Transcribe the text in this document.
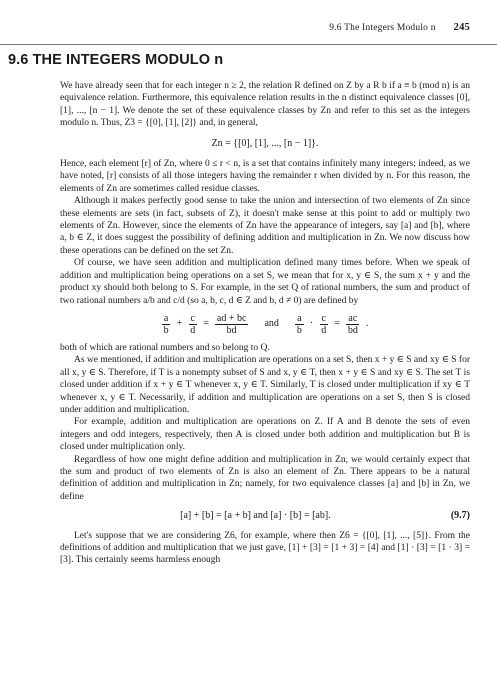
9.6 The Integers Modulo n 245
9.6 THE INTEGERS MODULO n

We have already seen that for each integer n ≥ 2, the relation R defined on Z by a R b if a ≡ b (mod n) is an equivalence relation. Furthermore, this equivalence relation results in the n distinct equivalence classes [0], [1], ..., [n − 1]. We denote the set of these equivalence classes by Zn and refer to this set as the integers modulo n. Thus, Z3 = {[0], [1], [2]} and, in general,

Zn = {[0], [1], ..., [n − 1]}.

Hence, each element [r] of Zn, where 0 ≤ r < n, is a set that contains infinitely many integers; indeed, as we have noted, [r] consists of all those integers having the remainder r when divided by n. For this reason, the elements of Zn are sometimes called residue classes.

Although it makes perfectly good sense to take the union and intersection of two elements of Zn since these elements are sets (in fact, subsets of Z), it doesn't make sense at this point to add or multiply two elements of Zn. However, since the elements of Zn have the appearance of integers, say [a] and [b], where a, b ∈ Z, it does suggest the possibility of defining addition and multiplication in Zn. We now discuss how these operations can be defined on the set Zn.

Of course, we have seen addition and multiplication defined many times before. When we speak of addition and multiplication being operations on a set S, we mean that for x, y ∈ S, the sum x + y and the product xy should both belong to S. For example, in the set Q of rational numbers, the sum and product of two rational numbers a/b and c/d (so a, b, c, d ∈ Z and b, d ≠ 0) are defined by

$\frac{a}{b} + \frac{c}{d} = \frac{ad + bc}{bd}$ and $\frac{a}{b} \cdot \frac{c}{d} = \frac{ac}{bd}$ .

both of which are rational numbers and so belong to Q.

As we mentioned, if addition and multiplication are operations on a set S, then x + y ∈ S and xy ∈ S for all x, y ∈ S. Therefore, if T is a nonempty subset of S and x, y ∈ T, then x + y ∈ S and xy ∈ S. The set T is closed under addition if x + y ∈ T whenever x, y ∈ T. Similarly, T is closed under multiplication if xy ∈ T whenever x, y ∈ T. Necessarily, if addition and multiplication are operations on a set S, then S is closed under addition and multiplication.

For example, addition and multiplication are operations on Z. If A and B denote the sets of even integers and odd integers, respectively, then A is closed under both addition and multiplication but B is closed under multiplication only.

Regardless of how one might define addition and multiplication in Zn, we would certainly expect that the sum and product of two elements of Zn is also an element of Zn. There appears to be a natural definition of addition and multiplication in Zn; namely, for two equivalence classes [a] and [b] in Zn, we define

[a] + [b] = [a + b] and [a] · [b] = [ab].	(9.7)

Let's suppose that we are considering Z6, for example, where then Z6 = {[0], [1], ..., [5]}. From the definitions of addition and multiplication that we just gave, [1] + [3] = [1 + 3] = [4] and [1] · [3] = [1 · 3] = [3]. This certainly seems harmless enough
